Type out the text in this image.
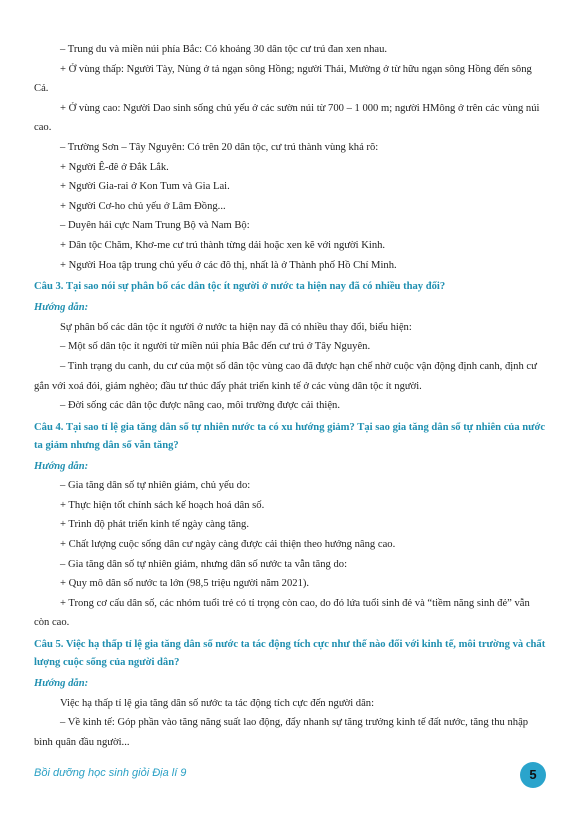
– Trung du và miền núi phía Bắc: Có khoảng 30 dân tộc cư trú đan xen nhau.

+ Ở vùng thấp: Người Tày, Nùng ở tả ngạn sông Hồng; người Thái, Mường ở từ hữu ngạn sông Hồng đến sông Cả.

+ Ở vùng cao: Người Dao sinh sống chủ yếu ở các sườn núi từ 700 – 1 000 m; người HMông ở trên các vùng núi cao.

– Trường Sơn – Tây Nguyên: Có trên 20 dân tộc, cư trú thành vùng khá rõ:

+ Người Ê-đê ở Đắk Lắk.

+ Người Gia-rai ở Kon Tum và Gia Lai.

+ Người Cơ-ho chủ yếu ở Lâm Đồng...

– Duyên hải cực Nam Trung Bộ và Nam Bộ:

+ Dân tộc Chăm, Khơ-me cư trú thành từng dải hoặc xen kẽ với người Kinh.

+ Người Hoa tập trung chủ yếu ở các đô thị, nhất là ở Thành phố Hồ Chí Minh.

Câu 3. Tại sao nói sự phân bố các dân tộc ít người ở nước ta hiện nay đã có nhiều thay đổi?

Hướng dẫn:

Sự phân bố các dân tộc ít người ở nước ta hiện nay đã có nhiều thay đổi, biểu hiện:

– Một số dân tộc ít người từ miền núi phía Bắc đến cư trú ở Tây Nguyên.

– Tình trạng du canh, du cư của một số dân tộc vùng cao đã được hạn chế nhờ cuộc vận động định canh, định cư gắn với xoá đói, giảm nghèo; đầu tư thúc đẩy phát triển kinh tế ở các vùng dân tộc ít người.

– Đời sống các dân tộc được nâng cao, môi trường được cải thiện.

Câu 4. Tại sao tỉ lệ gia tăng dân số tự nhiên nước ta có xu hướng giảm? Tại sao gia tăng dân số tự nhiên của nước ta giảm nhưng dân số vẫn tăng?

Hướng dẫn:

– Gia tăng dân số tự nhiên giảm, chủ yếu do:

+ Thực hiện tốt chính sách kế hoạch hoá dân số.

+ Trình độ phát triển kinh tế ngày càng tăng.

+ Chất lượng cuộc sống dân cư ngày càng được cải thiện theo hướng nâng cao.

– Gia tăng dân số tự nhiên giảm, nhưng dân số nước ta vẫn tăng do:

+ Quy mô dân số nước ta lớn (98,5 triệu người năm 2021).

+ Trong cơ cấu dân số, các nhóm tuổi trẻ có tỉ trọng còn cao, do đó lứa tuổi sinh đẻ và “tiềm năng sinh đẻ” vẫn còn cao.

Câu 5. Việc hạ thấp tỉ lệ gia tăng dân số nước ta tác động tích cực như thế nào đối với kinh tế, môi trường và chất lượng cuộc sống của người dân?

Hướng dẫn:

Việc hạ thấp tỉ lệ gia tăng dân số nước ta tác động tích cực đến người dân:

– Về kinh tế: Góp phần vào tăng năng suất lao động, đẩy nhanh sự tăng trưởng kinh tế đất nước, tăng thu nhập bình quân đầu người...

Bồi dưỡng học sinh giỏi Địa lí 9	5
